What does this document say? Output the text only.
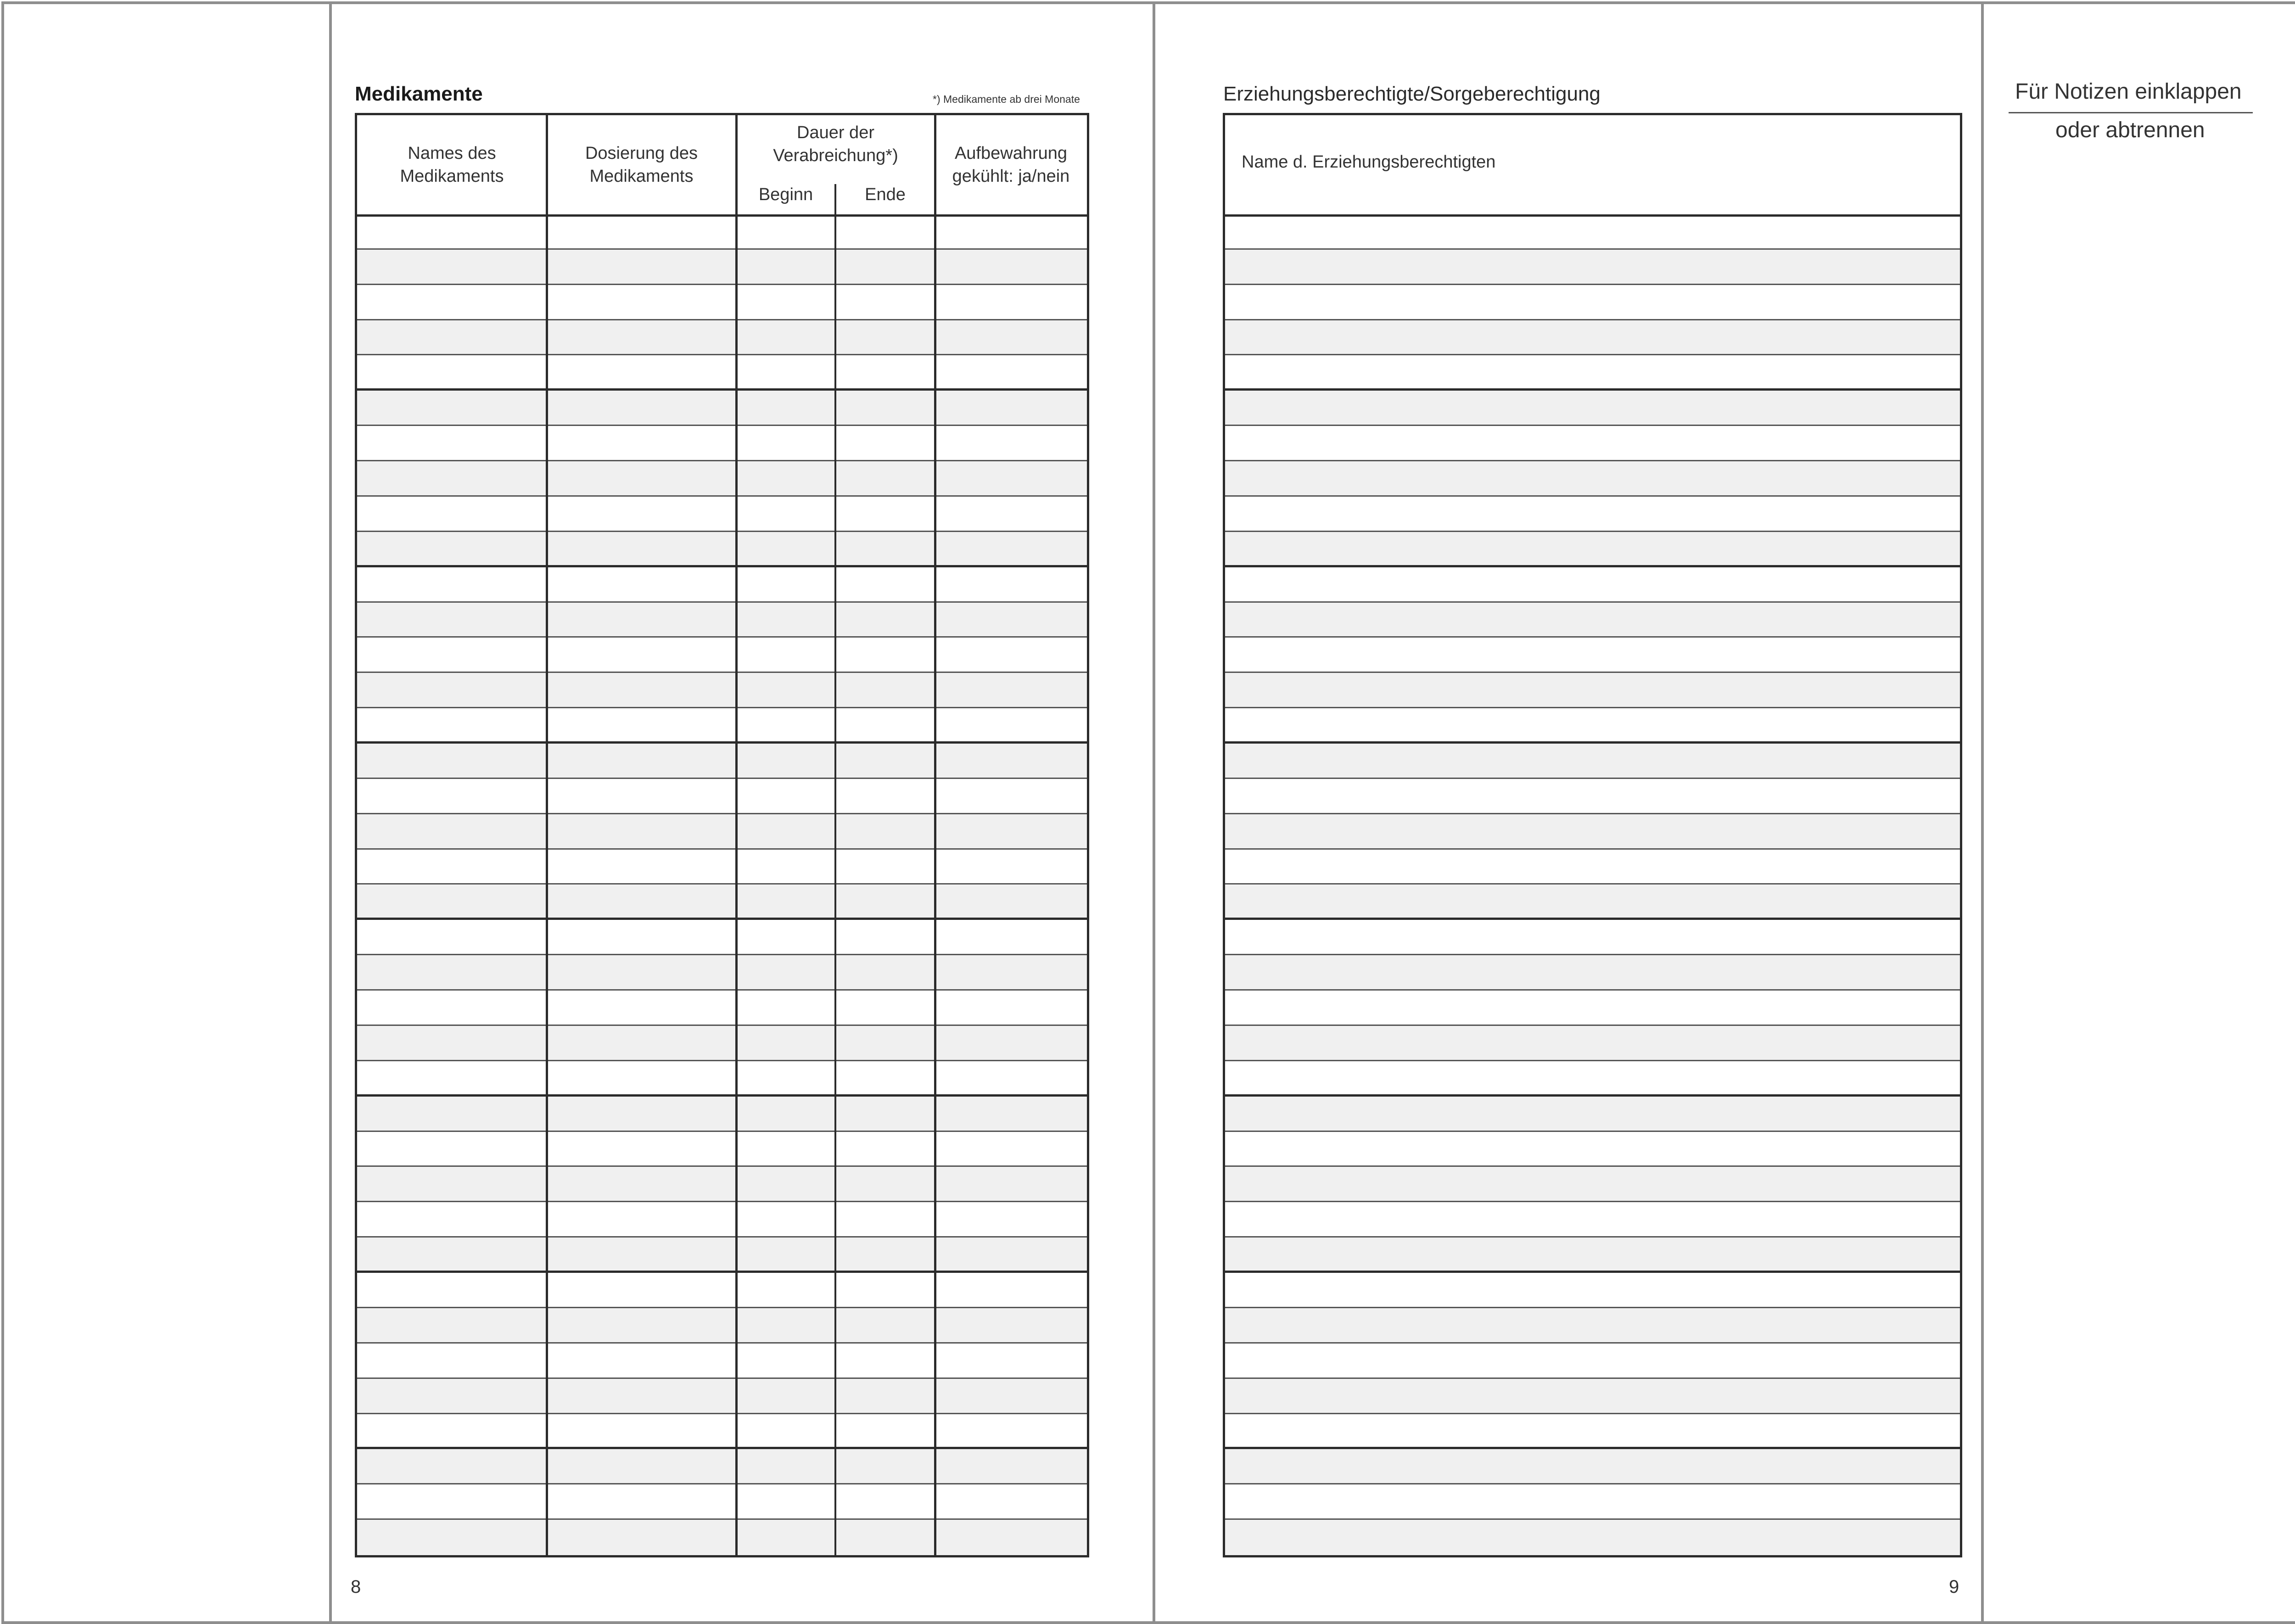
Medikamente	*) Medikamente ab drei Monate
Names des
Medikaments
Dosierung des
Medikaments
Dauer der
Verabreichung*)
Beginn	Ende
Aufbewahrung
gekühlt: ja/nein
8
Erziehungsberechtigte/Sorgeberechtigung
Name d. Erziehungsberechtigten
9
Für Notizen einklappen
oder abtrennen
